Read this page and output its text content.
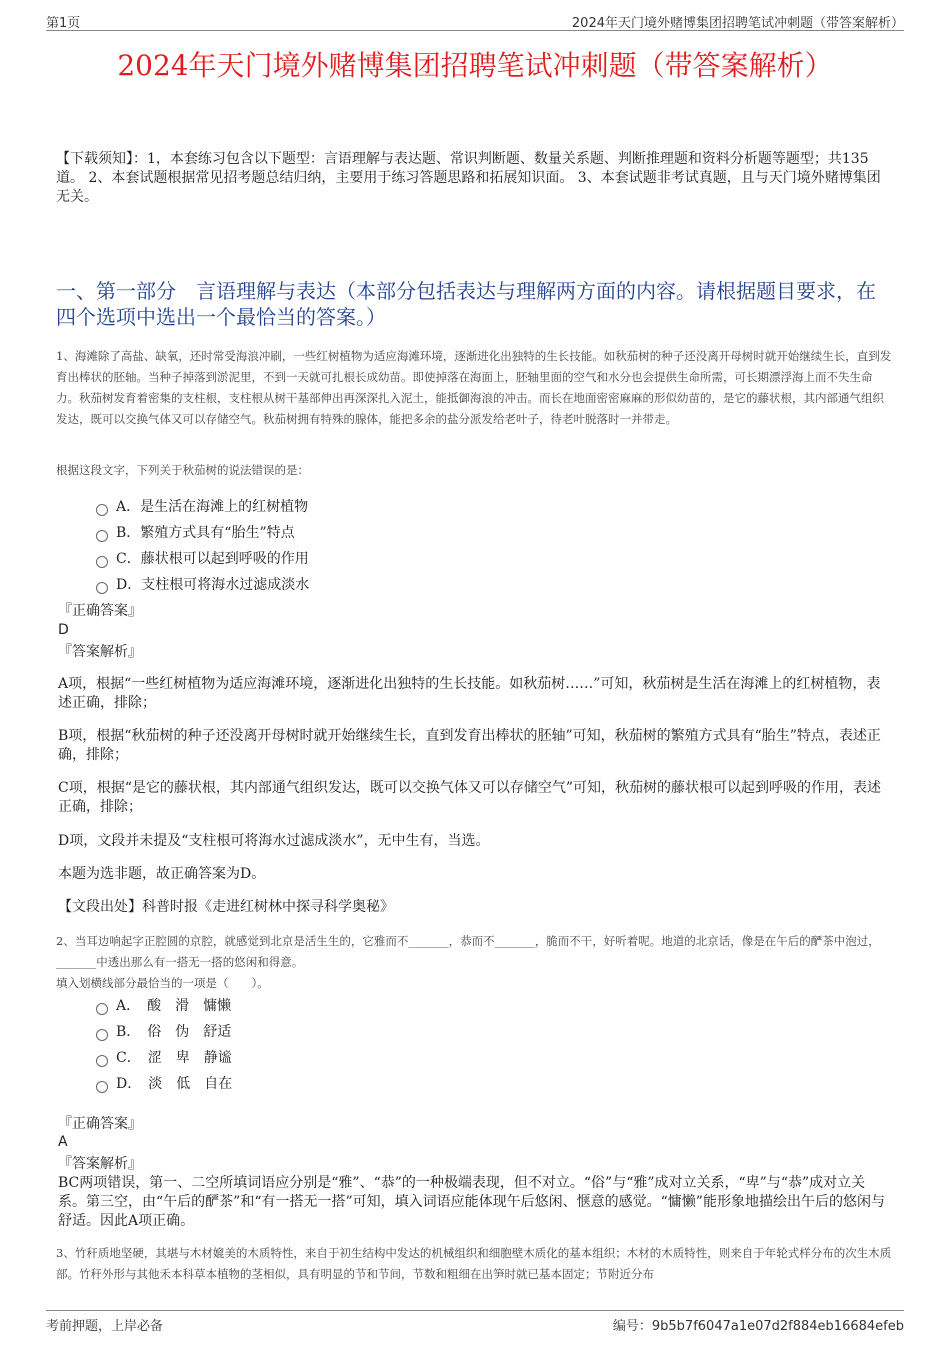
第1页	2024年天门境外赌博集团招聘笔试冲刺题（带答案解析）
2024年天门境外赌博集团招聘笔试冲刺题（带答案解析）
【下载须知】：1，本套练习包含以下题型：言语理解与表达题、常识判断题、数量关系题、判断推理题和资料分析题等题型；共135道。 2、本套试题根据常见招考题总结归纳，主要用于练习答题思路和拓展知识面。 3、本套试题非考试真题，且与天门境外赌博集团无关。
一、第一部分　言语理解与表达（本部分包括表达与理解两方面的内容。请根据题目要求，在四个选项中选出一个最恰当的答案。）
1、海滩除了高盐、缺氧，还时常受海浪冲刷，一些红树植物为适应海滩环境，逐渐进化出独特的生长技能。如秋茄树的种子还没离开母树时就开始继续生长，直到发育出棒状的胚轴。当种子掉落到淤泥里，不到一天就可扎根长成幼苗。即使掉落在海面上，胚轴里面的空气和水分也会提供生命所需，可长期漂浮海上而不失生命力。秋茄树发育着密集的支柱根，支柱根从树干基部伸出再深深扎入泥土，能抵御海浪的冲击。而长在地面密密麻麻的形似幼苗的，是它的藤状根，其内部通气组织发达，既可以交换气体又可以存储空气。秋茄树拥有特殊的腺体，能把多余的盐分派发给老叶子，待老叶脱落时一并带走。
根据这段文字，下列关于秋茄树的说法错误的是：
A．是生活在海滩上的红树植物
B．繁殖方式具有“胎生”特点
C．藤状根可以起到呼吸的作用
D．支柱根可将海水过滤成淡水
『正确答案』
D
『答案解析』
A项，根据“一些红树植物为适应海滩环境，逐渐进化出独特的生长技能。如秋茄树……”可知，秋茄树是生活在海滩上的红树植物，表述正确，排除；
B项，根据“秋茄树的种子还没离开母树时就开始继续生长，直到发育出棒状的胚轴”可知，秋茄树的繁殖方式具有“胎生”特点，表述正确，排除；
C项，根据“是它的藤状根，其内部通气组织发达，既可以交换气体又可以存储空气”可知，秋茄树的藤状根可以起到呼吸的作用，表述正确，排除；
D项，文段并未提及“支柱根可将海水过滤成淡水”，无中生有，当选。
本题为选非题，故正确答案为D。
【文段出处】科普时报《走进红树林中探寻科学奥秘》
2、当耳边响起字正腔圆的京腔，就感觉到北京是活生生的，它雅而不_______，恭而不_______，脆而不干，好听着呢。地道的北京话，像是在午后的酽茶中泡过，_______中透出那么有一搭无一搭的悠闲和得意。
填入划横线部分最恰当的一项是（　　）。
A．　酸　滑　慵懒
B．　俗　伪　舒适
C．　涩　卑　静谧
D．　淡　低　自在
『正确答案』
A
『答案解析』
BC两项错误，第一、二空所填词语应分别是“雅”、“恭”的一种极端表现，但不对立。“俗”与“雅”成对立关系，“卑”与“恭”成对立关系。第三空，由“午后的酽茶”和“有一搭无一搭”可知，填入词语应能体现午后悠闲、惬意的感觉。“慵懒”能形象地描绘出午后的悠闲与舒适。因此A项正确。
3、竹秆质地坚硬，其堪与木材媲美的木质特性，来自于初生结构中发达的机械组织和细胞壁木质化的基本组织；木材的木质特性，则来自于年轮式样分布的次生木质部。竹秆外形与其他禾本科草本植物的茎相似，具有明显的节和节间，节数和粗细在出笋时就已基本固定；节附近分布
考前押题，上岸必备	编号：9b5b7f6047a1e07d2f884eb16684efeb
